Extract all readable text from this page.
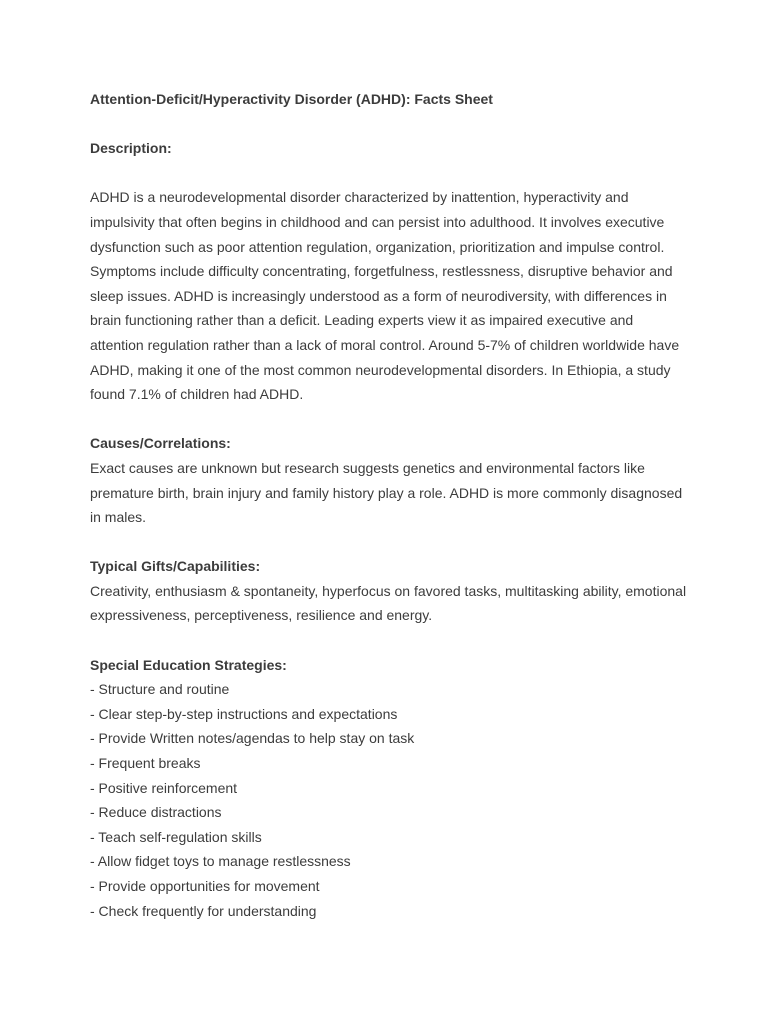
Attention-Deficit/Hyperactivity Disorder (ADHD): Facts Sheet

Description:

ADHD is a neurodevelopmental disorder characterized by inattention, hyperactivity and impulsivity that often begins in childhood and can persist into adulthood. It involves executive dysfunction such as poor attention regulation, organization, prioritization and impulse control. Symptoms include difficulty concentrating, forgetfulness, restlessness, disruptive behavior and sleep issues. ADHD is increasingly understood as a form of neurodiversity, with differences in brain functioning rather than a deficit. Leading experts view it as impaired executive and attention regulation rather than a lack of moral control. Around 5-7% of children worldwide have ADHD, making it one of the most common neurodevelopmental disorders. In Ethiopia, a study found 7.1% of children had ADHD.

Causes/Correlations:

Exact causes are unknown but research suggests genetics and environmental factors like premature birth, brain injury and family history play a role. ADHD is more commonly disagnosed in males.

Typical Gifts/Capabilities:

Creativity, enthusiasm & spontaneity, hyperfocus on favored tasks, multitasking ability, emotional expressiveness, perceptiveness, resilience and energy.

Special Education Strategies:

- Structure and routine
- Clear step-by-step instructions and expectations
- Provide Written notes/agendas to help stay on task
- Frequent breaks
- Positive reinforcement
- Reduce distractions
- Teach self-regulation skills
- Allow fidget toys to manage restlessness
- Provide opportunities for movement
- Check frequently for understanding
